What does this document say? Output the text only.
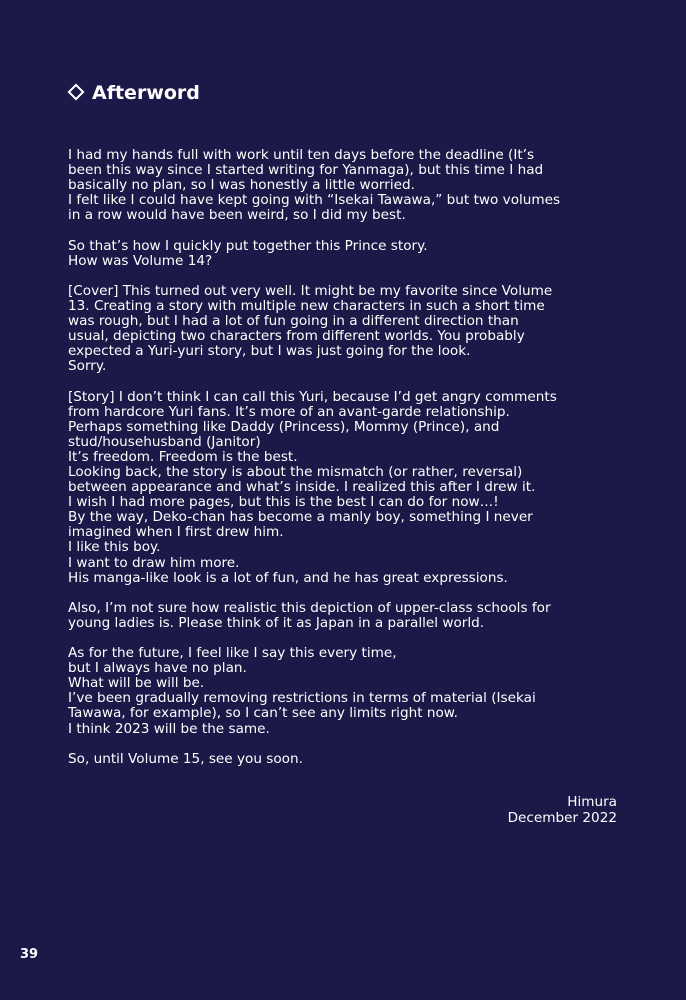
Afterword
I had my hands full with work until ten days before the deadline (It’s
been this way since I started writing for Yanmaga), but this time I had
basically no plan, so I was honestly a little worried.
I felt like I could have kept going with “Isekai Tawawa,” but two volumes
in a row would have been weird, so I did my best.
So that’s how I quickly put together this Prince story.
How was Volume 14?
[Cover] This turned out very well. It might be my favorite since Volume
13. Creating a story with multiple new characters in such a short time
was rough, but I had a lot of fun going in a different direction than
usual, depicting two characters from different worlds. You probably
expected a Yuri-yuri story, but I was just going for the look.
Sorry.
[Story] I don’t think I can call this Yuri, because I’d get angry comments
from hardcore Yuri fans. It’s more of an avant-garde relationship.
Perhaps something like Daddy (Princess), Mommy (Prince), and
stud/househusband (Janitor)
It’s freedom. Freedom is the best.
Looking back, the story is about the mismatch (or rather, reversal)
between appearance and what’s inside. I realized this after I drew it.
I wish I had more pages, but this is the best I can do for now…!
By the way, Deko-chan has become a manly boy, something I never
imagined when I first drew him.
I like this boy.
I want to draw him more.
His manga-like look is a lot of fun, and he has great expressions.
Also, I’m not sure how realistic this depiction of upper-class schools for
young ladies is. Please think of it as Japan in a parallel world.
As for the future, I feel like I say this every time,
but I always have no plan.
What will be will be.
I’ve been gradually removing restrictions in terms of material (Isekai
Tawawa, for example), so I can’t see any limits right now.
I think 2023 will be the same.
So, until Volume 15, see you soon.
Himura
December 2022
39
